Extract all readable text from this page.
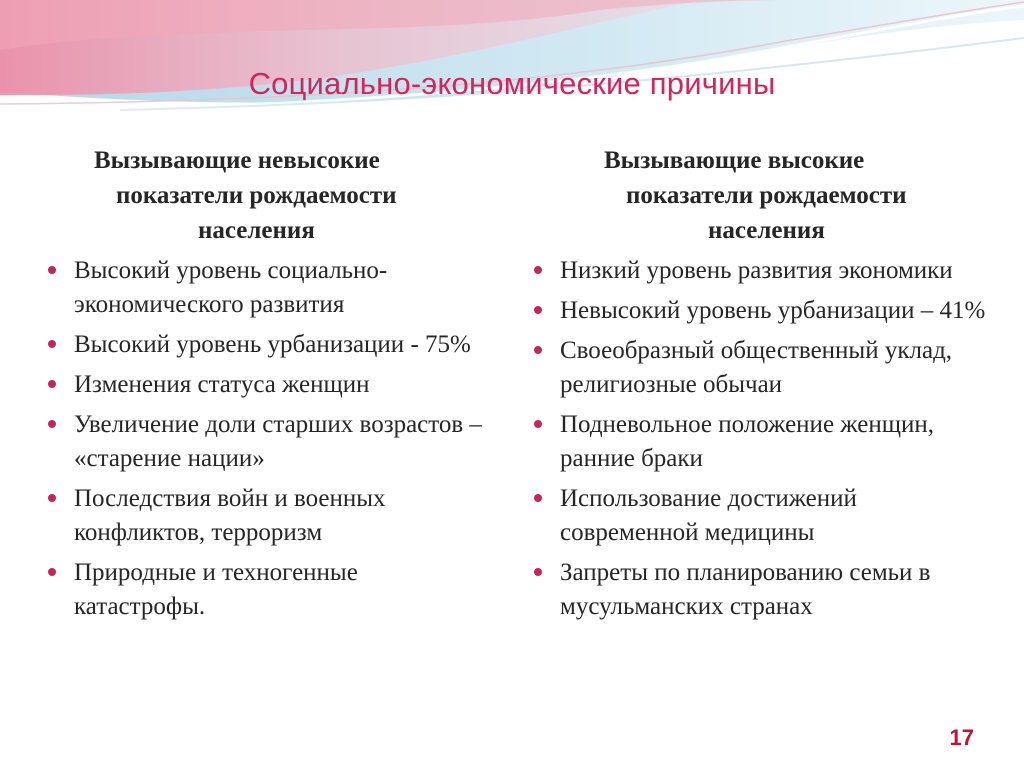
Социально-экономические причины
Вызывающие невысокие
показатели рождаемости
населения
Высокий уровень социально-экономического развития
Высокий уровень урбанизации - 75%
Изменения статуса женщин
Увеличение доли старших возрастов – «старение нации»
Последствия войн и военных конфликтов, терроризм
Природные и техногенные катастрофы.
Вызывающие высокие
показатели рождаемости
населения
Низкий уровень развития экономики
Невысокий уровень урбанизации – 41%
Своеобразный общественный уклад, религиозные обычаи
Подневольное положение женщин, ранние браки
Использование достижений современной медицины
Запреты по планированию семьи в мусульманских странах
17
